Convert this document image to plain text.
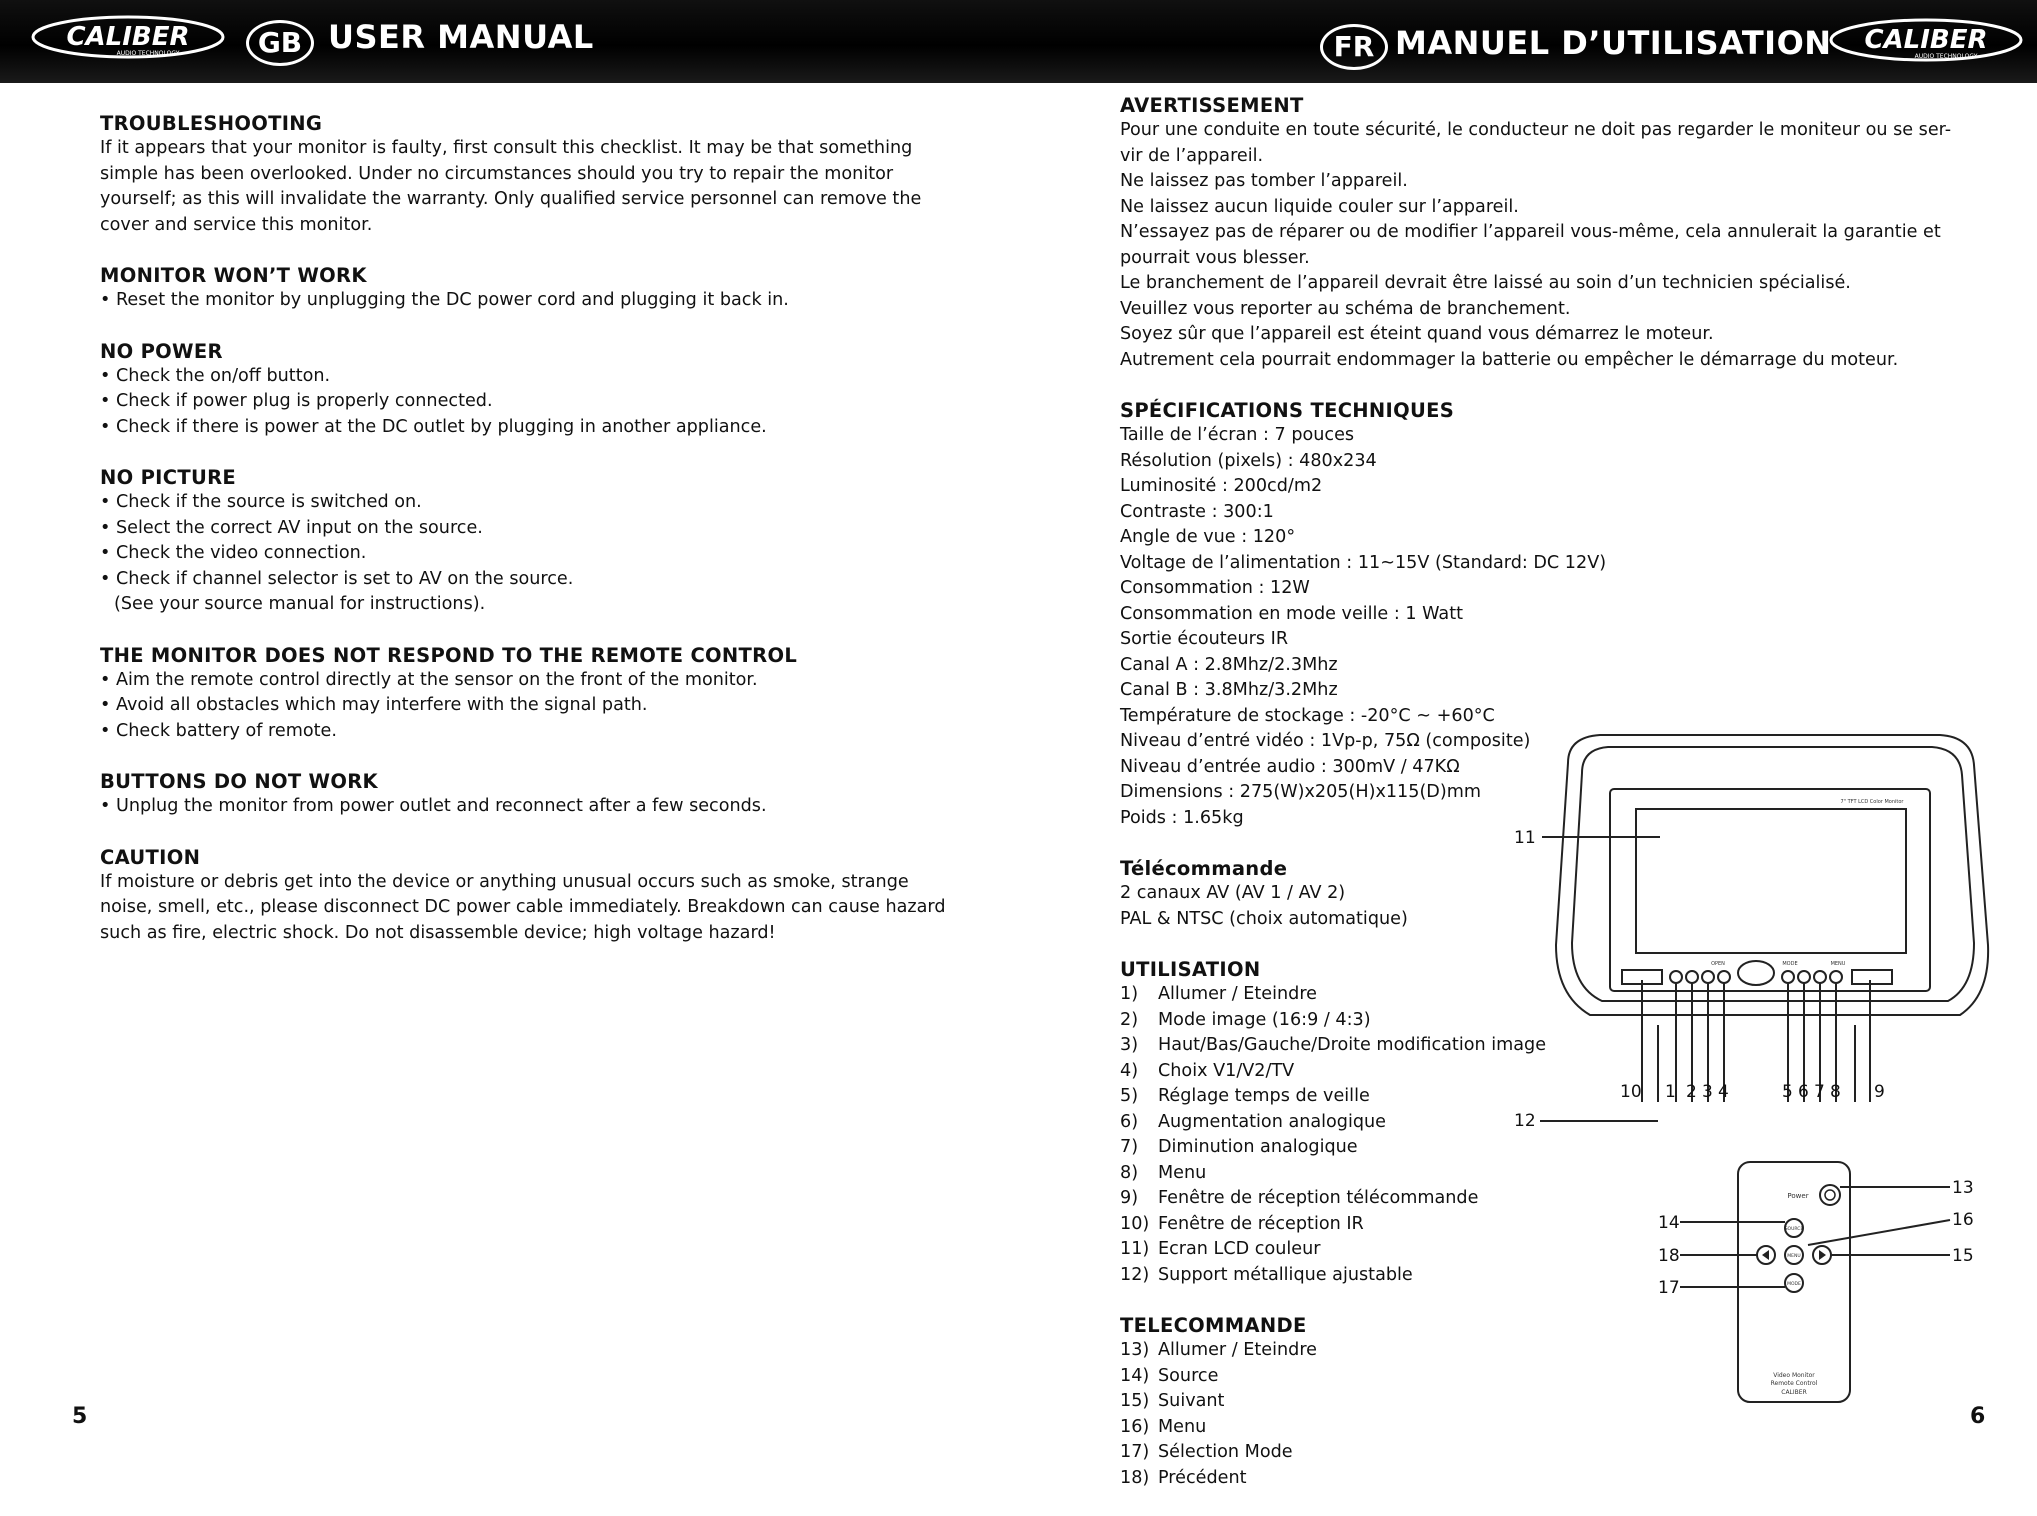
CALIBER
AUDIO TECHNOLOGY	GB USER MANUAL	FR MANUEL D’UTILISATION CALIBER
AUDIO TECHNOLOGY
TROUBLESHOOTING

If it appears that your monitor is faulty, first consult this checklist. It may be that something

simple has been overlooked. Under no circumstances should you try to repair the monitor

yourself; as this will invalidate the warranty. Only qualified service personnel can remove the

cover and service this monitor.

MONITOR WON’T WORK

• Reset the monitor by unplugging the DC power cord and plugging it back in.

NO POWER

• Check the on/off button.

• Check if power plug is properly connected.

• Check if there is power at the DC outlet by plugging in another appliance.

NO PICTURE

• Check if the source is switched on.

• Select the correct AV input on the source.

• Check the video connection.

• Check if channel selector is set to AV on the source.

(See your source manual for instructions).

THE MONITOR DOES NOT RESPOND TO THE REMOTE CONTROL

• Aim the remote control directly at the sensor on the front of the monitor.

• Avoid all obstacles which may interfere with the signal path.

• Check battery of remote.

BUTTONS DO NOT WORK

• Unplug the monitor from power outlet and reconnect after a few seconds.

CAUTION

If moisture or debris get into the device or anything unusual occurs such as smoke, strange

noise, smell, etc., please disconnect DC power cable immediately. Breakdown can cause hazard

such as fire, electric shock. Do not disassemble device; high voltage hazard!

5
AVERTISSEMENT

Pour une conduite en toute sécurité, le conducteur ne doit pas regarder le moniteur ou se ser-

vir de l’appareil.

Ne laissez pas tomber l’appareil.

Ne laissez aucun liquide couler sur l’appareil.

N’essayez pas de réparer ou de modifier l’appareil vous-même, cela annulerait la garantie et

pourrait vous blesser.

Le branchement de l’appareil devrait être laissé au soin d’un technicien spécialisé.

Veuillez vous reporter au schéma de branchement.

Soyez sûr que l’appareil est éteint quand vous démarrez le moteur.

Autrement cela pourrait endommager la batterie ou empêcher le démarrage du moteur.

SPÉCIFICATIONS TECHNIQUES

Taille de l’écran : 7 pouces

Résolution (pixels) : 480x234

Luminosité : 200cd/m2

Contraste : 300:1

Angle de vue : 120°

Voltage de l’alimentation : 11~15V (Standard: DC 12V)

Consommation : 12W

Consommation en mode veille : 1 Watt

Sortie écouteurs IR

Canal A : 2.8Mhz/2.3Mhz

Canal B : 3.8Mhz/3.2Mhz

Température de stockage : -20°C ~ +60°C

Niveau d’entré vidéo : 1Vp-p, 75Ω (composite)

Niveau d’entrée audio : 300mV / 47KΩ

Dimensions : 275(W)x205(H)x115(D)mm

Poids : 1.65kg

Télécommande

2 canaux AV (AV 1 / AV 2)

PAL & NTSC (choix automatique)

UTILISATION
1)	Allumer / Eteindre
2)	Mode image (16:9 / 4:3)
3)	Haut/Bas/Gauche/Droite modification image
4)	Choix V1/V2/TV
5)	Réglage temps de veille
6)	Augmentation analogique
7)	Diminution analogique
8)	Menu
9)	Fenêtre de réception télécommande
10) Fenêtre de réception IR
11) Ecran LCD couleur
12) Support métallique ajustable
TELECOMMANDE
13) Allumer / Eteindre
14) Source
15) Suivant
16) Menu
17) Sélection Mode
18) Précédent
6
11
10 1 2 3 4	5 6 7 8 9
12
13
14
15
16
17
18
7" TFT LCD Color Monitor
OPEN	MODE	MENU
Power
SOURCE
MENU
MODE
Video Monitor
Remote Control
CALIBER
